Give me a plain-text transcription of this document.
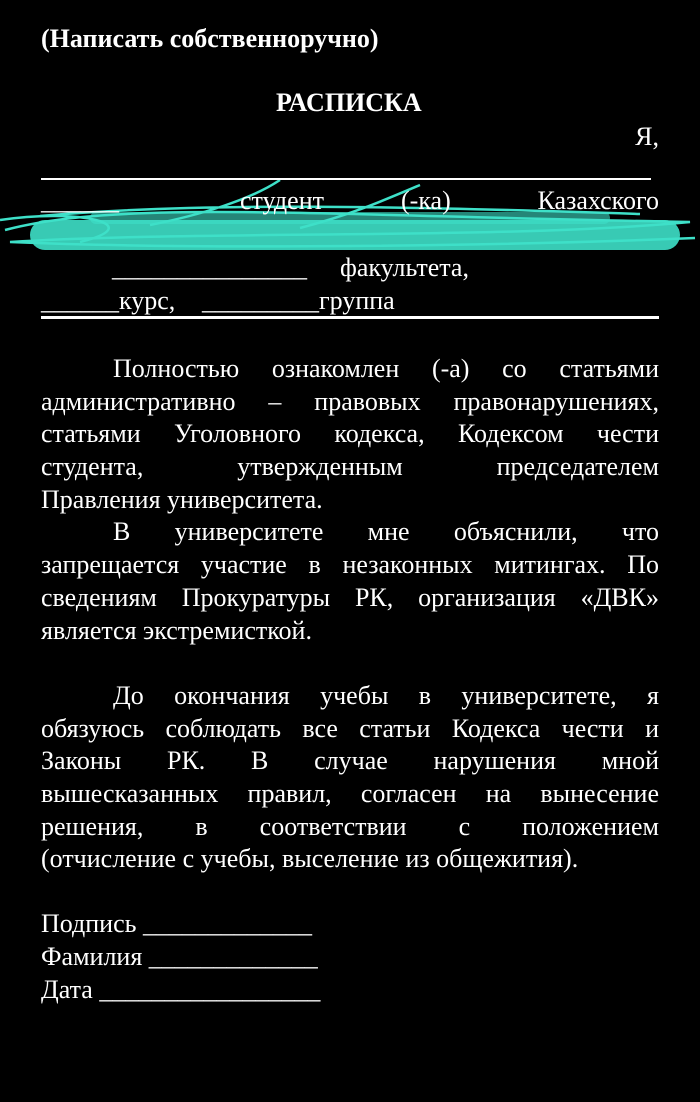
(Написать собственноручно)
РАСПИСКА
Я,
______	студент	(-ка)	Казахского
_______________ факультета,
______курс, _________группа
Полностью ознакомлен (-а) со статьями
административно – правовых правонарушениях,
статьями Уголовного кодекса, Кодексом чести
студента, утвержденным председателем
Правления университета.
В университете мне объяснили, что
запрещается участие в незаконных митингах. По
сведениям Прокуратуры РК, организация «ДВК»
является экстремисткой.
До окончания учебы в университете, я
обязуюсь соблюдать все статьи Кодекса чести и
Законы РК. В случае нарушения мной
вышесказанных правил, согласен на вынесение
решения, в соответствии с положением
(отчисление с учебы, выселение из общежития).
Подпись _____________
Фамилия _____________
Дата _________________
